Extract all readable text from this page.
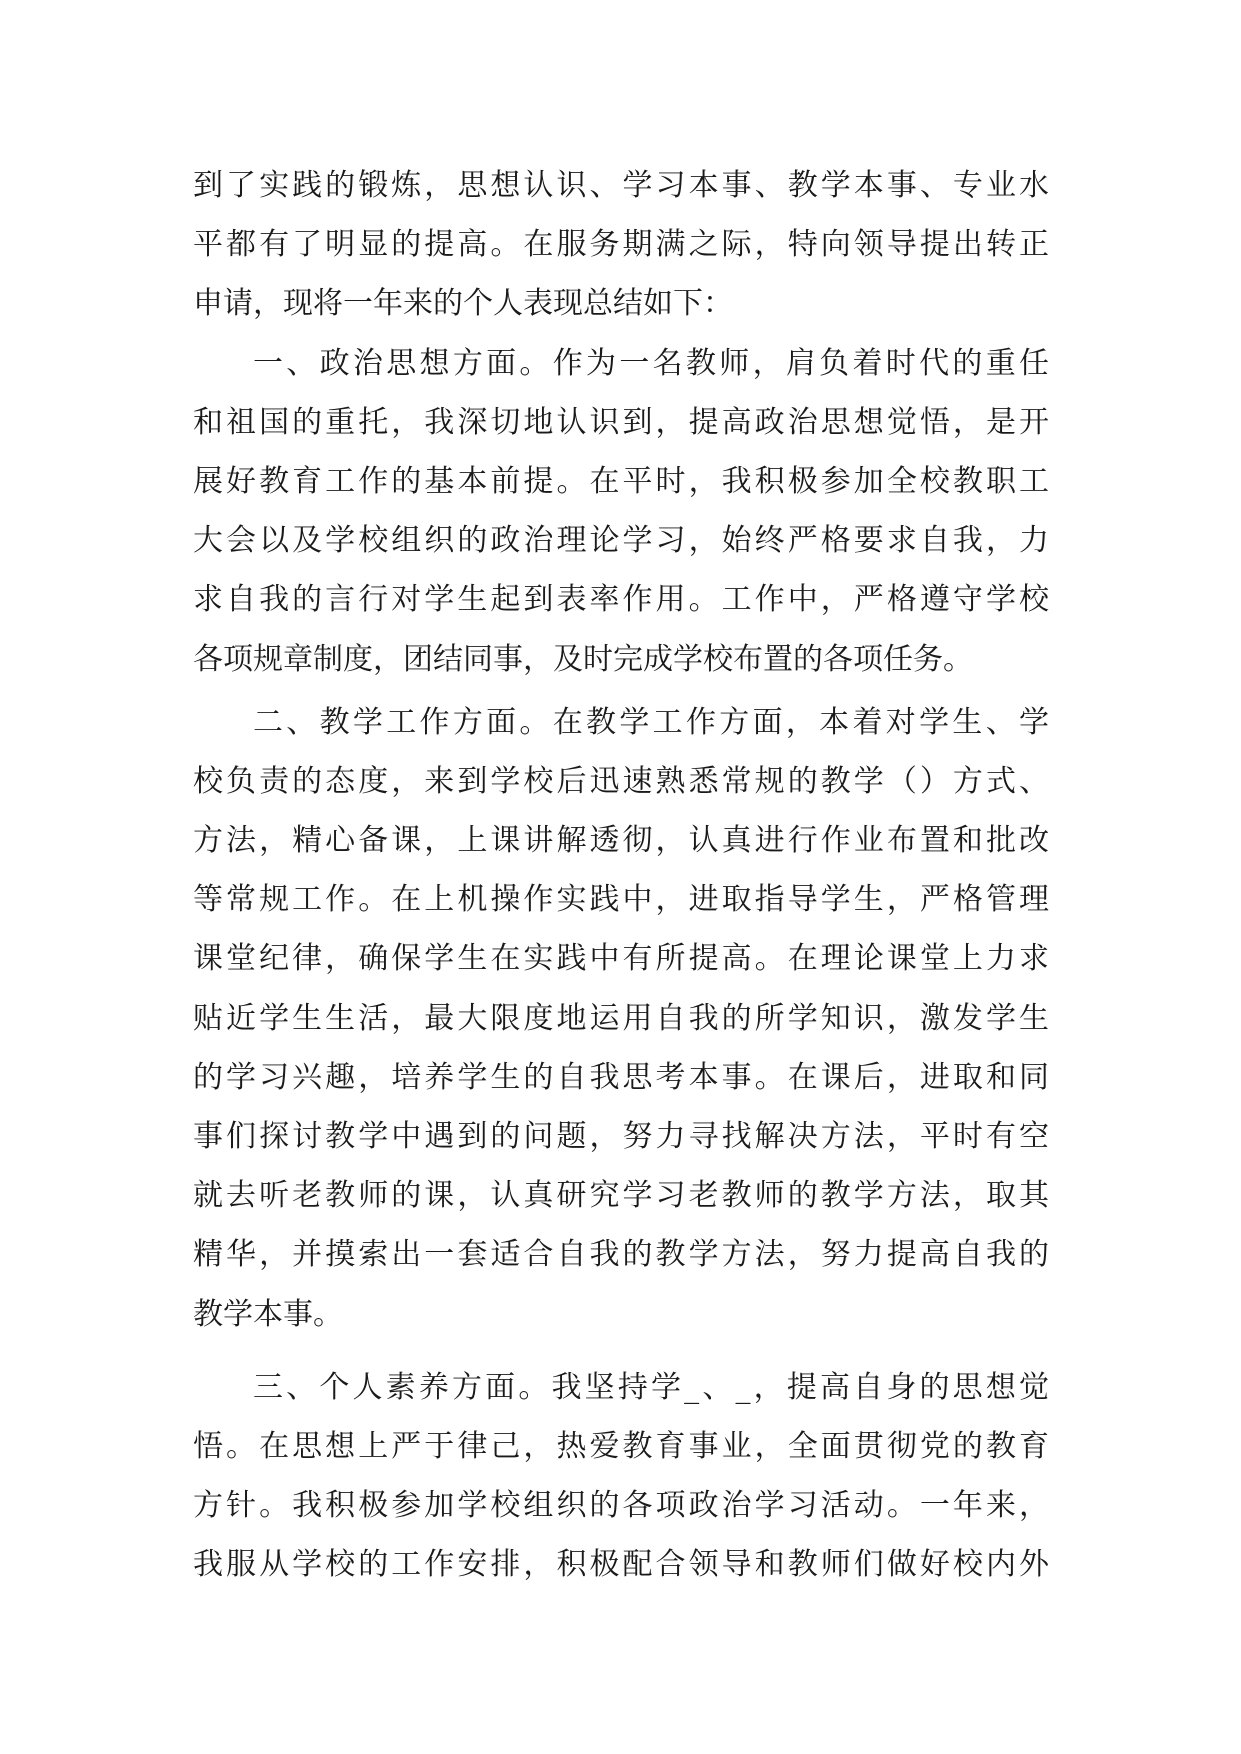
到了实践的锻炼，思想认识、学习本事、教学本事、专业水
平都有了明显的提高。在服务期满之际，特向领导提出转正
申请，现将一年来的个人表现总结如下：
一、政治思想方面。作为一名教师，肩负着时代的重任
和祖国的重托，我深切地认识到，提高政治思想觉悟，是开
展好教育工作的基本前提。在平时，我积极参加全校教职工
大会以及学校组织的政治理论学习，始终严格要求自我，力
求自我的言行对学生起到表率作用。工作中，严格遵守学校
各项规章制度，团结同事，及时完成学校布置的各项任务。
二、教学工作方面。在教学工作方面，本着对学生、学
校负责的态度，来到学校后迅速熟悉常规的教学（）方式、
方法，精心备课，上课讲解透彻，认真进行作业布置和批改
等常规工作。在上机操作实践中，进取指导学生，严格管理
课堂纪律，确保学生在实践中有所提高。在理论课堂上力求
贴近学生生活，最大限度地运用自我的所学知识，激发学生
的学习兴趣，培养学生的自我思考本事。在课后，进取和同
事们探讨教学中遇到的问题，努力寻找解决方法，平时有空
就去听老教师的课，认真研究学习老教师的教学方法，取其
精华，并摸索出一套适合自我的教学方法，努力提高自我的
教学本事。
三、个人素养方面。我坚持学_、_，提高自身的思想觉
悟。在思想上严于律己，热爱教育事业，全面贯彻党的教育
方针。我积极参加学校组织的各项政治学习活动。一年来，
我服从学校的工作安排，积极配合领导和教师们做好校内外
